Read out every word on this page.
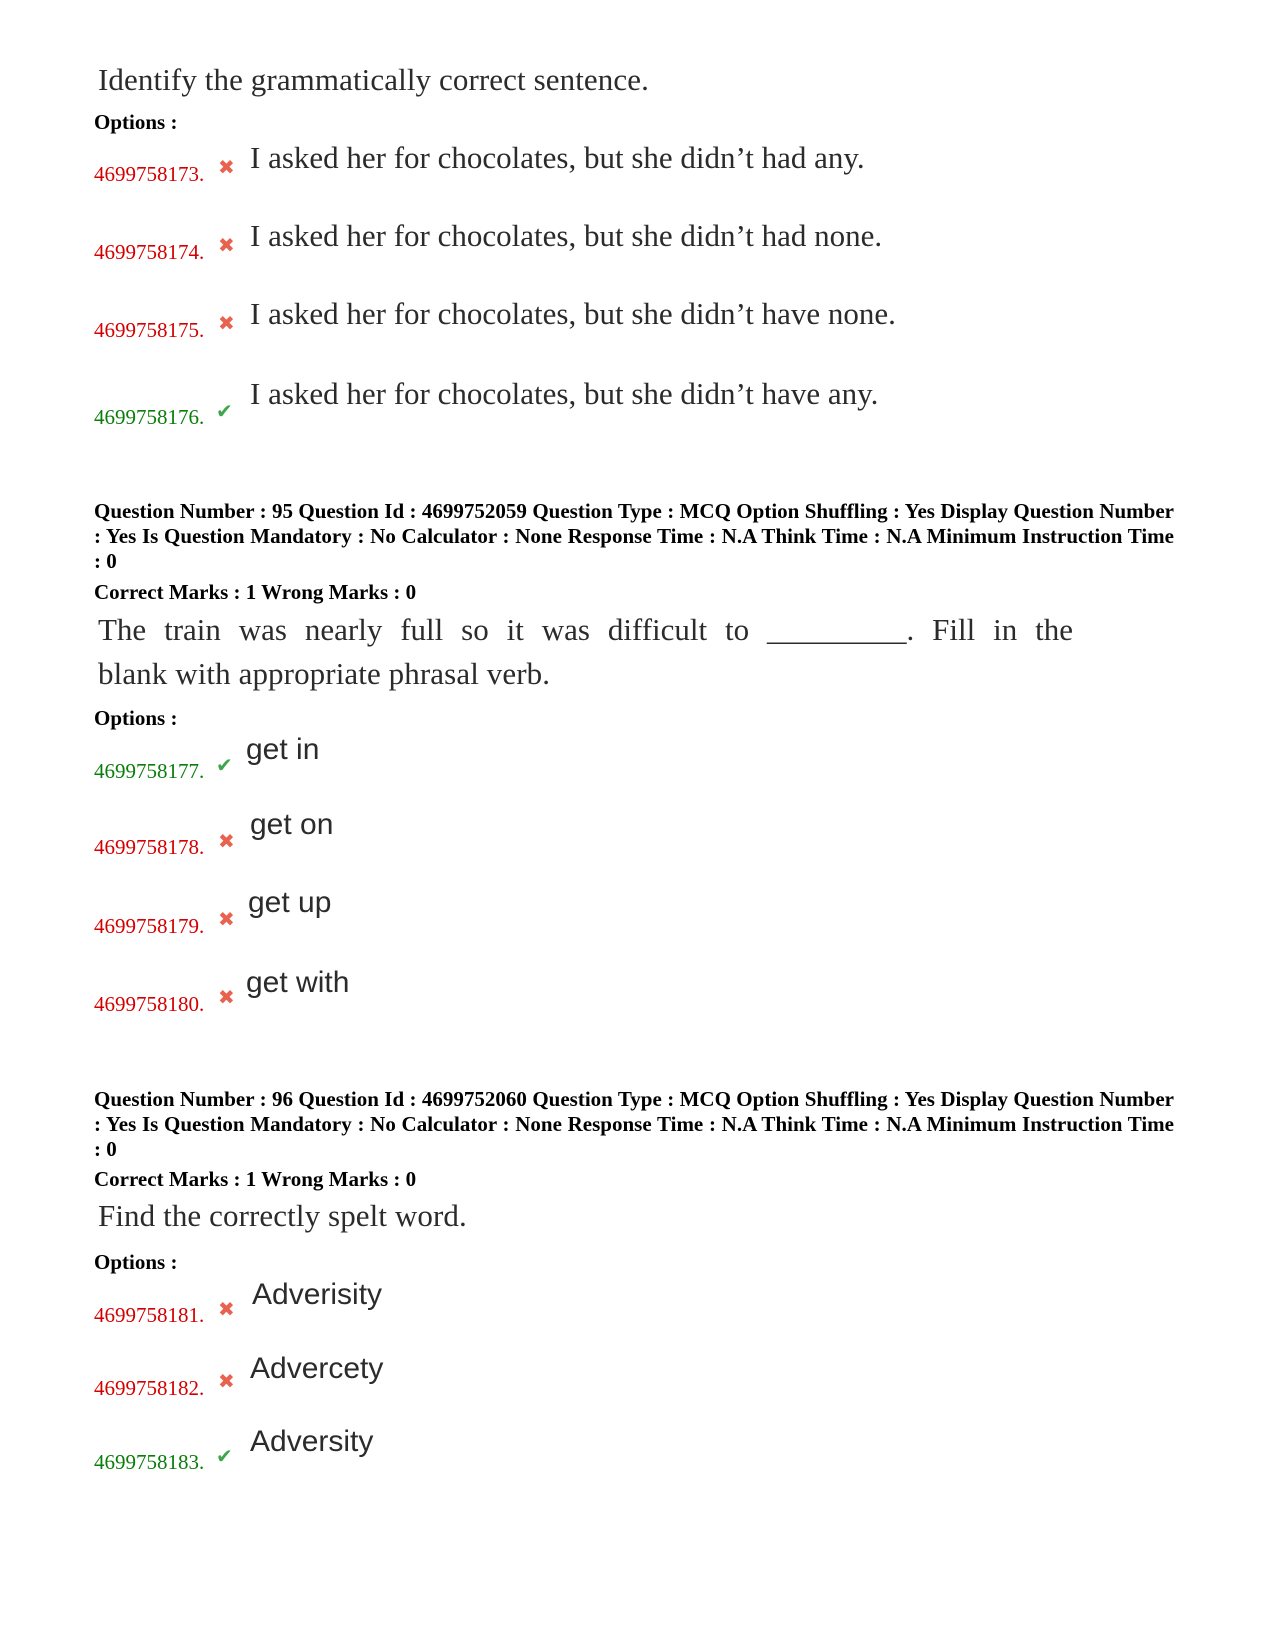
Identify the grammatically correct sentence.
Options :
4699758173. ✖ I asked her for chocolates, but she didn’t had any.
4699758174. ✖ I asked her for chocolates, but she didn’t had none.
4699758175. ✖ I asked her for chocolates, but she didn’t have none.
4699758176. ✔
I asked her for chocolates, but she didn’t have any.
Question Number : 95 Question Id : 4699752059 Question Type : MCQ Option Shuffling : Yes Display Question Number : Yes Is Question Mandatory : No Calculator : None Response Time : N.A Think Time : N.A Minimum Instruction Time : 0
Correct Marks : 1 Wrong Marks : 0
The train was nearly full so it was difficult to _________. Fill in the
blank with appropriate phrasal verb.
Options :
4699758177. ✔ get in
4699758178. ✖
get on
4699758179. ✖
get up
4699758180. ✖ get with
Question Number : 96 Question Id : 4699752060 Question Type : MCQ Option Shuffling : Yes Display Question Number : Yes Is Question Mandatory : No Calculator : None Response Time : N.A Think Time : N.A Minimum Instruction Time : 0
Correct Marks : 1 Wrong Marks : 0
Find the correctly spelt word.
Options :
4699758181. ✖ Adverisity
4699758182. ✖ Advercety
4699758183. ✔ Adversity
